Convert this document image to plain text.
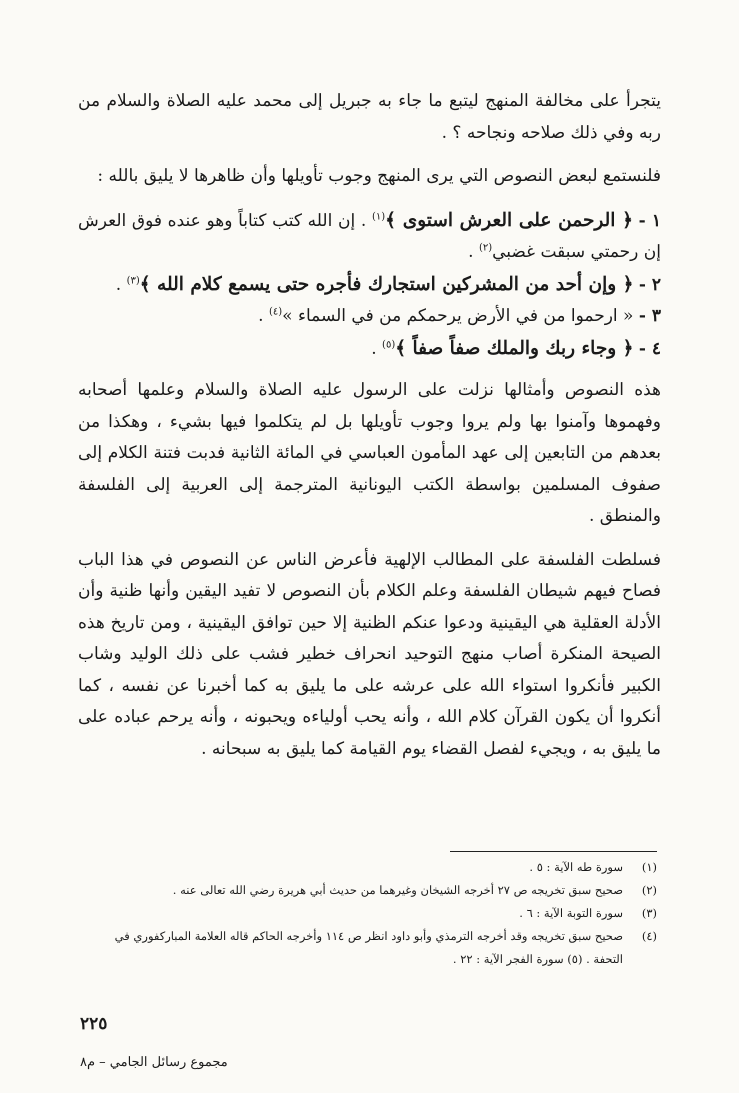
يتجرأ على مخالفة المنهج ليتبع ما جاء به جبريل إلى محمد عليه الصلاة والسلام من ربه وفي ذلك صلاحه ونجاحه ؟ .

فلنستمع لبعض النصوص التي يرى المنهج وجوب تأويلها وأن ظاهرها لا يليق بالله :

١ - ﴿ الرحمن على العرش استوى ﴾$^{(١)}$ . إن الله كتب كتاباً وهو عنده فوق العرش إن رحمتي سبقت غضبي$^{(٢)}$ .

٢ - ﴿ وإن أحد من المشركين استجارك فأجره حتى يسمع كلام الله ﴾$^{(٣)}$ .

٣ - « ارحموا من في الأرض يرحمكم من في السماء »$^{(٤)}$ .

٤ - ﴿ وجاء ربك والملك صفاً صفاً ﴾$^{(٥)}$ .

هذه النصوص وأمثالها نزلت على الرسول عليه الصلاة والسلام وعلمها أصحابه وفهموها وآمنوا بها ولم يروا وجوب تأويلها بل لم يتكلموا فيها بشيء ، وهكذا من بعدهم من التابعين إلى عهد المأمون العباسي في المائة الثانية فدبت فتنة الكلام إلى صفوف المسلمين بواسطة الكتب اليونانية المترجمة إلى العربية إلى الفلسفة والمنطق .

فسلطت الفلسفة على المطالب الإلهية فأعرض الناس عن النصوص في هذا الباب فصاح فيهم شيطان الفلسفة وعلم الكلام بأن النصوص لا تفيد اليقين وأنها ظنية وأن الأدلة العقلية هي اليقينية ودعوا عنكم الظنية إلا حين توافق اليقينية ، ومن تاريخ هذه الصيحة المنكرة أصاب منهج التوحيد انحراف خطير فشب على ذلك الوليد وشاب الكبير فأنكروا استواء الله على عرشه على ما يليق به كما أخبرنا عن نفسه ، كما أنكروا أن يكون القرآن كلام الله ، وأنه يحب أولياءه ويحبونه ، وأنه يرحم عباده على ما يليق به ، ويجيء لفصل القضاء يوم القيامة كما يليق به سبحانه .

(١)
سورة طه الآية : ٥ .
(٢)
صحيح سبق تخريجه ص ٢٧ أخرجه الشيخان وغيرهما من حديث أبي هريرة رضي الله تعالى عنه .
(٣)
سورة التوبة الآية : ٦ .
(٤)
صحيح سبق تخريجه وقد أخرجه الترمذي وأبو داود انظر ص ١١٤ وأخرجه الحاكم قاله العلامة المباركفوري في التحفة . (٥) سورة الفجر الآية : ٢٢ .
٢٢٥
مجموع رسائل الجامي – م٨
